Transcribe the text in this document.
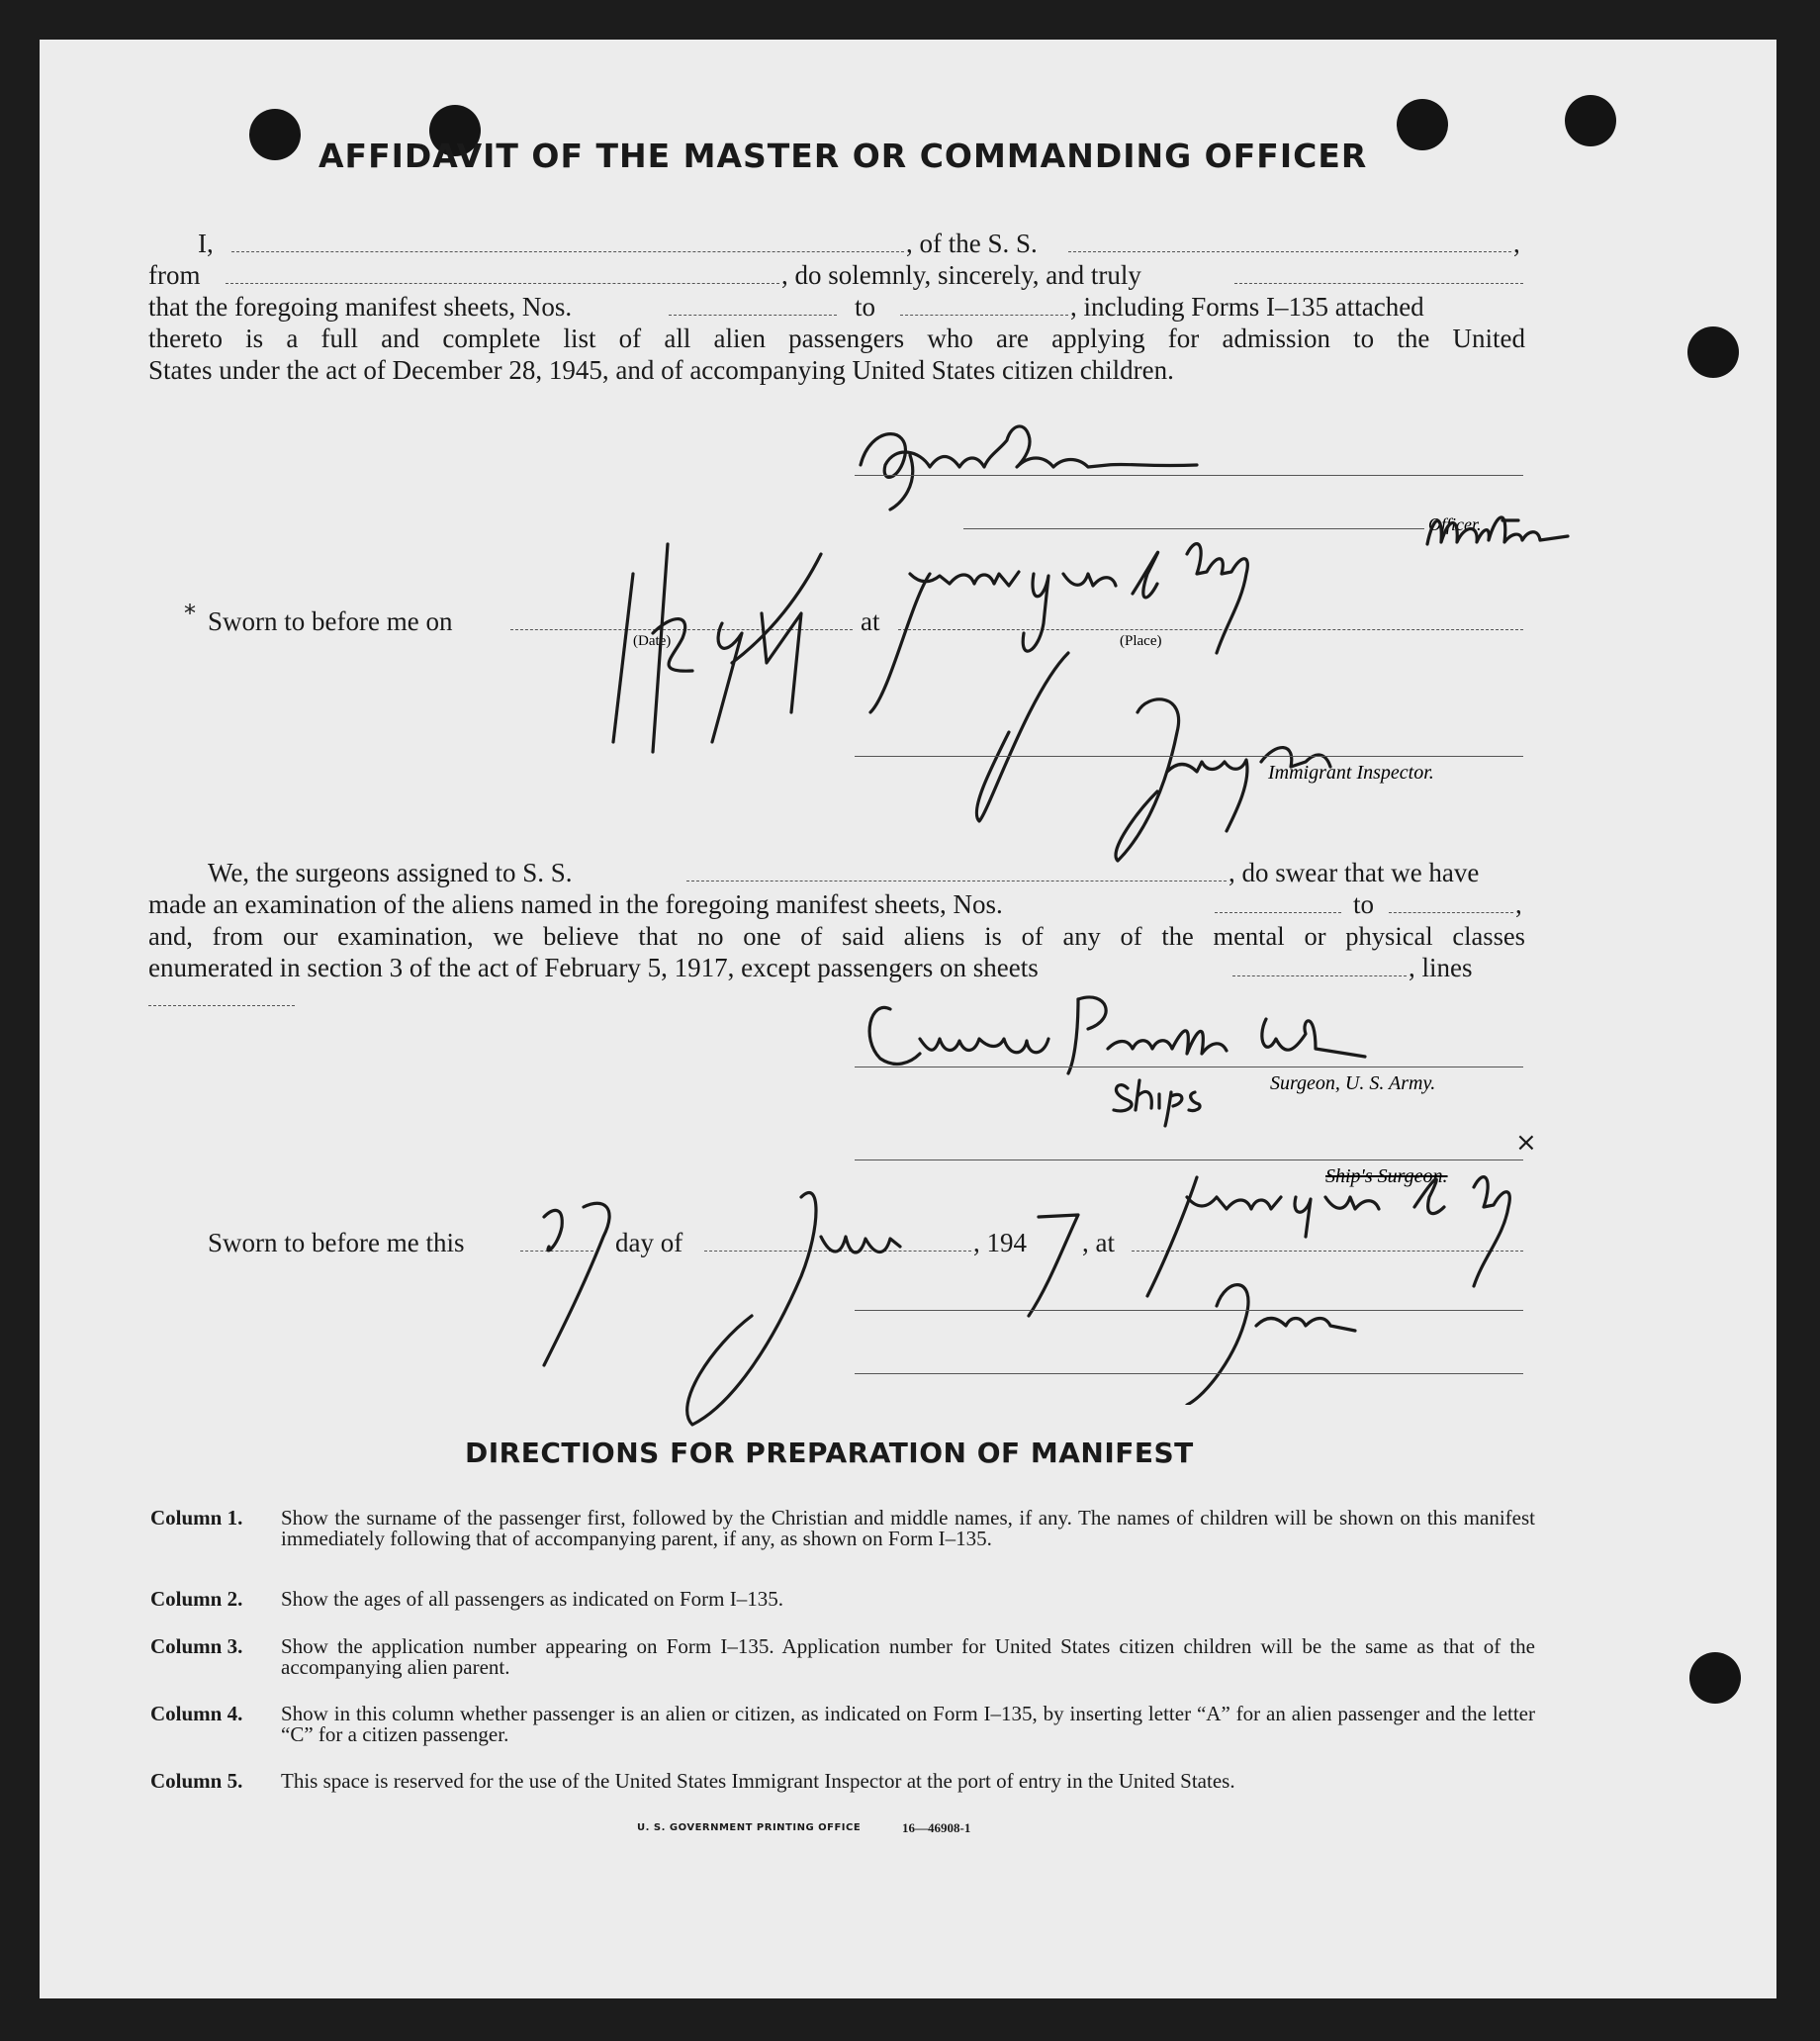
AFFIDAVIT OF THE MASTER OR COMMANDING OFFICER
I,	, of the S. S.	,
from	, do solemnly, sincerely, and truly
that the foregoing manifest sheets, Nos.	to	, including Forms I–135 attached
thereto is a full and complete list of all alien passengers who are applying for admission to the United
States under the act of December 28, 1945, and of accompanying United States citizen children.
Officer.
* Sworn to before me on
(Date)
at
(Place)
Immigrant Inspector.
We, the surgeons assigned to S. S.	, do swear that we have
made an examination of the aliens named in the foregoing manifest sheets, Nos.	to	,
and, from our examination, we believe that no one of said aliens is of any of the mental or physical classes
enumerated in section 3 of the act of February 5, 1917, except passengers on sheets	, lines
Surgeon, U. S. Army.
Ship's Surgeon.
×
Sworn to before me this	day of	, 194 , at
DIRECTIONS FOR PREPARATION OF MANIFEST
Column 1.	Show the surname of the passenger first, followed by the Christian and middle names, if any. The names of children will be shown on this manifest immediately following that of accompanying parent, if any, as shown on Form I–135.
Column 2.	Show the ages of all passengers as indicated on Form I–135.
Column 3.	Show the application number appearing on Form I–135. Application number for United States citizen children will be the same as that of the accompanying alien parent.
Column 4.	Show in this column whether passenger is an alien or citizen, as indicated on Form I–135, by inserting letter “A” for an alien passenger and the letter “C” for a citizen passenger.
Column 5.	This space is reserved for the use of the United States Immigrant Inspector at the port of entry in the United States.
U. S. GOVERNMENT PRINTING OFFICE	16—46908-1
